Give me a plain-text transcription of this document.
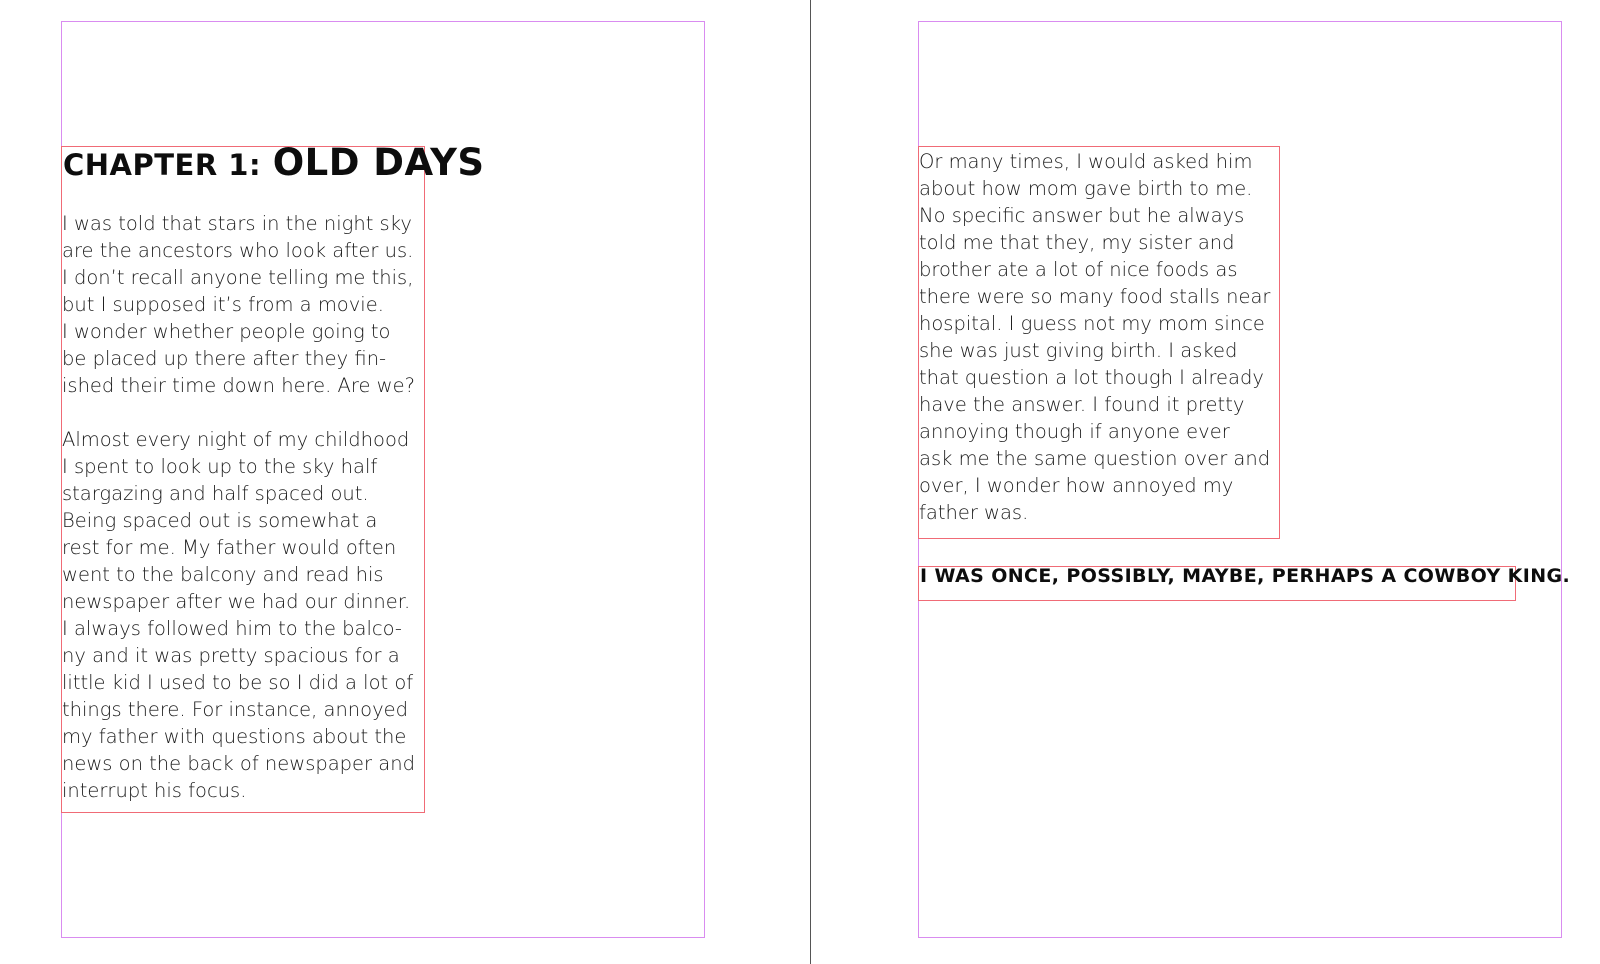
CHAPTER 1: OLD DAYS
I was told that stars in the night sky
are the ancestors who look after us.
I don’t recall anyone telling me this,
but I supposed it’s from a movie.
I wonder whether people going to
be placed up there after they fin-
ished their time down here. Are we?
Almost every night of my childhood
I spent to look up to the sky half
stargazing and half spaced out.
Being spaced out is somewhat a
rest for me. My father would often
went to the balcony and read his
newspaper after we had our dinner.
I always followed him to the balco-
ny and it was pretty spacious for a
little kid I used to be so I did a lot of
things there. For instance, annoyed
my father with questions about the
news on the back of newspaper and
interrupt his focus.
Or many times, I would asked him
about how mom gave birth to me.
No specific answer but he always
told me that they, my sister and
brother ate a lot of nice foods as
there were so many food stalls near
hospital. I guess not my mom since
she was just giving birth. I asked
that question a lot though I already
have the answer. I found it pretty
annoying though if anyone ever
ask me the same question over and
over, I wonder how annoyed my
father was.

I WAS ONCE, POSSIBLY, MAYBE, PERHAPS A COWBOY KING.
